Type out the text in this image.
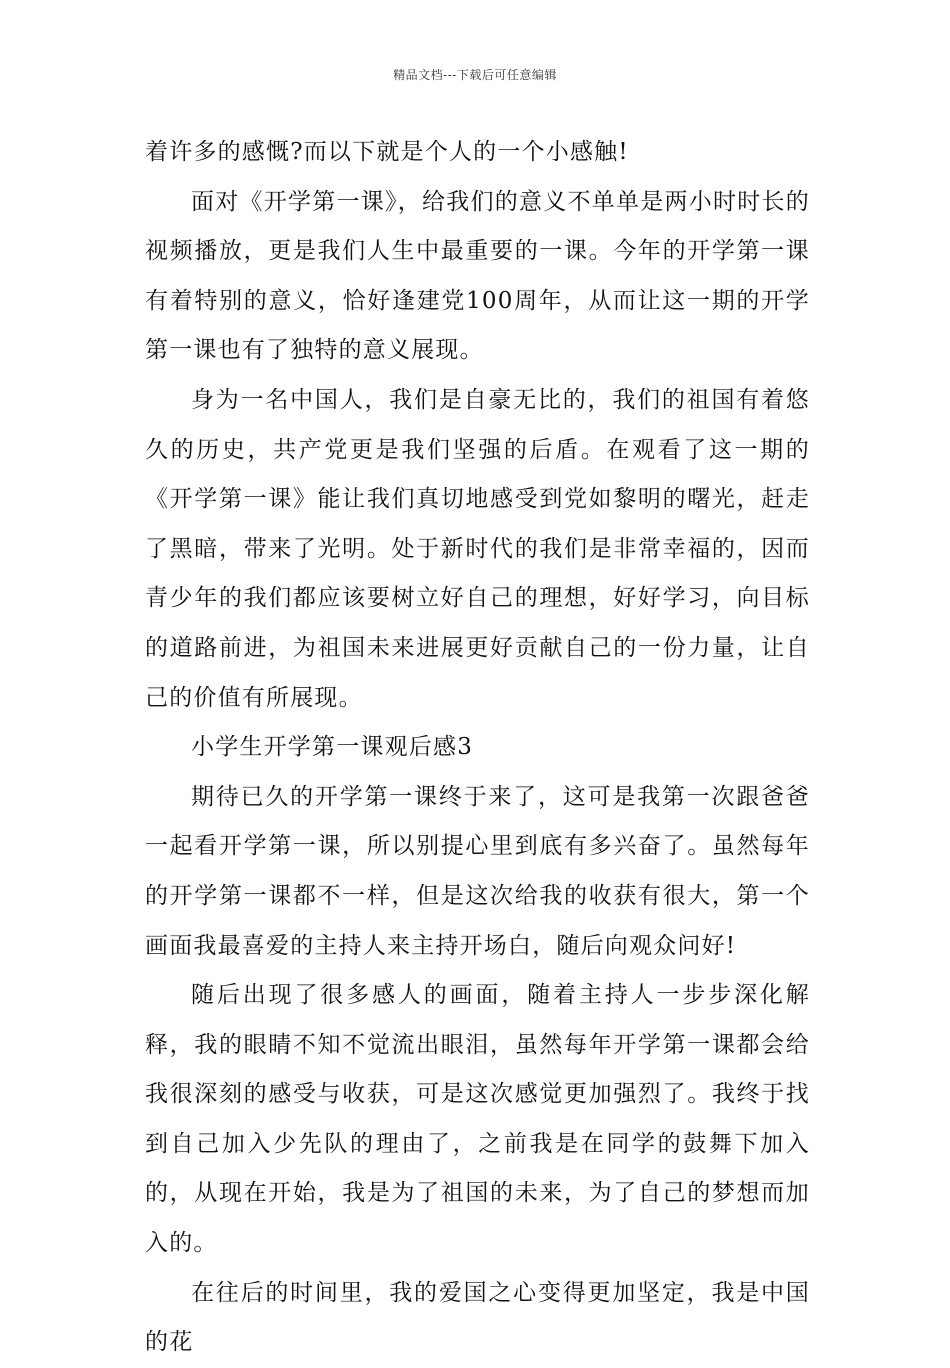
精品文档---下载后可任意编辑

着许多的感慨?而以下就是个人的一个小感触!

面对《开学第一课》，给我们的意义不单单是两小时时长的视频播放，更是我们人生中最重要的一课。今年的开学第一课有着特别的意义，恰好逢建党100周年，从而让这一期的开学第一课也有了独特的意义展现。

身为一名中国人，我们是自豪无比的，我们的祖国有着悠久的历史，共产党更是我们坚强的后盾。在观看了这一期的《开学第一课》能让我们真切地感受到党如黎明的曙光，赶走了黑暗，带来了光明。处于新时代的我们是非常幸福的，因而青少年的我们都应该要树立好自己的理想，好好学习，向目标的道路前进，为祖国未来进展更好贡献自己的一份力量，让自己的价值有所展现。

小学生开学第一课观后感3

期待已久的开学第一课终于来了，这可是我第一次跟爸爸一起看开学第一课，所以别提心里到底有多兴奋了。虽然每年的开学第一课都不一样，但是这次给我的收获有很大，第一个画面我最喜爱的主持人来主持开场白，随后向观众问好!

随后出现了很多感人的画面，随着主持人一步步深化解释，我的眼睛不知不觉流出眼泪，虽然每年开学第一课都会给我很深刻的感受与收获，可是这次感觉更加强烈了。我终于找到自己加入少先队的理由了，之前我是在同学的鼓舞下加入的，从现在开始，我是为了祖国的未来，为了自己的梦想而加入的。

在往后的时间里，我的爱国之心变得更加坚定，我是中国的花
